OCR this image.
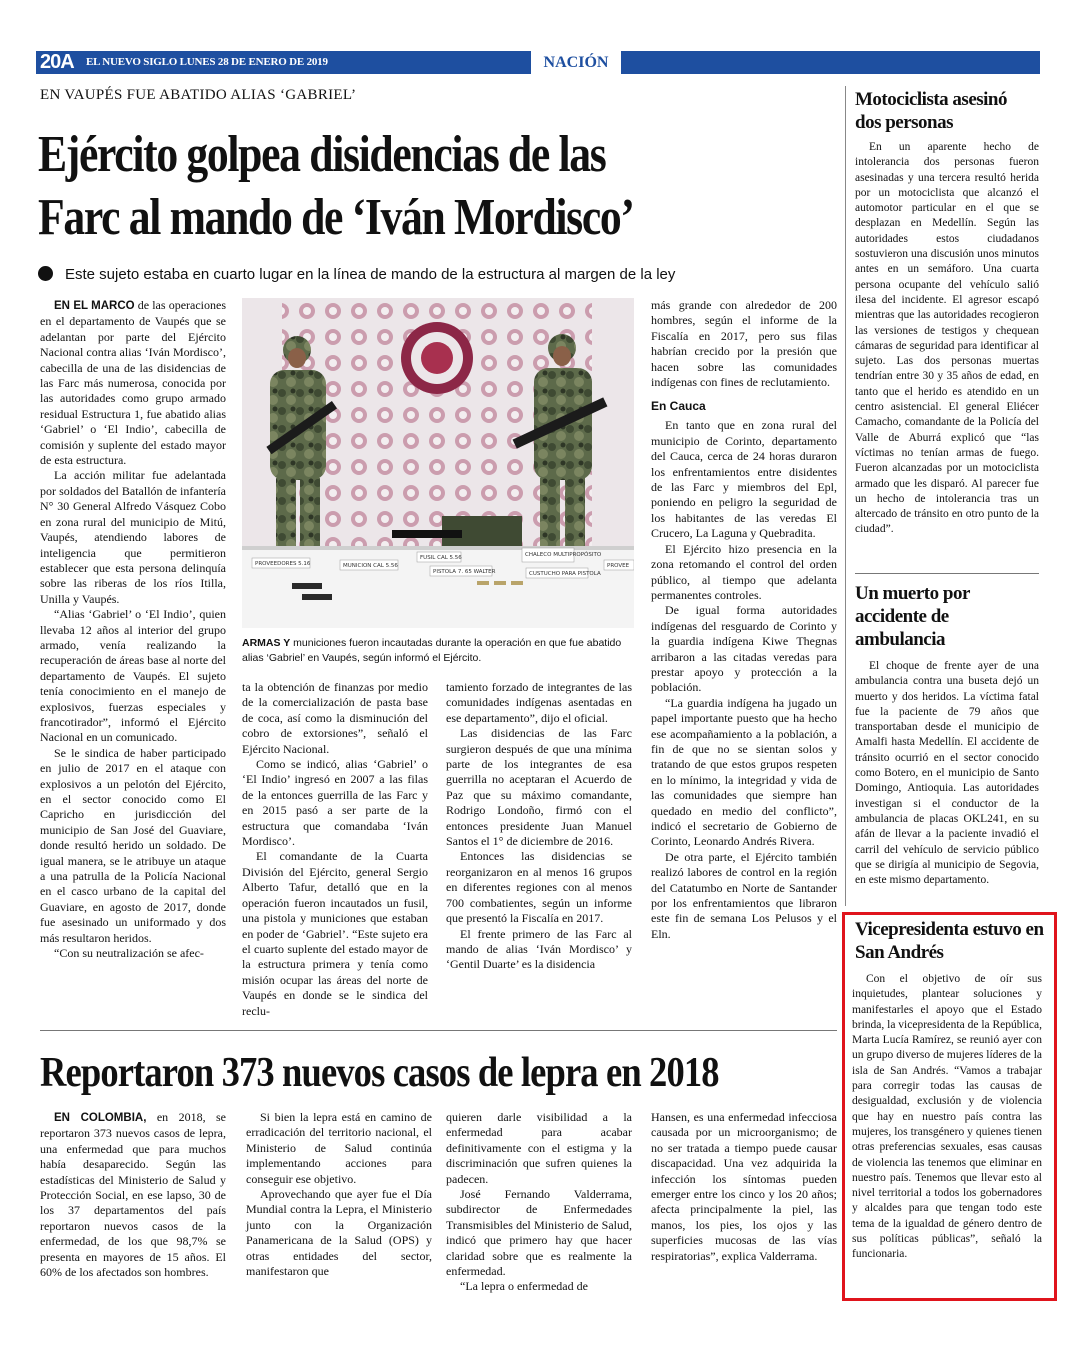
20A EL NUEVO SIGLO LUNES 28 DE ENERO DE 2019	NACIÓN
EN VAUPÉS FUE ABATIDO ALIAS ‘GABRIEL’
Ejército golpea disidencias de las
Farc al mando de ‘Iván Mordisco’
Este sujeto estaba en cuarto lugar en la línea de mando de la estructura al margen de la ley

EN EL MARCO de las operaciones en el departamento de Vaupés que se adelantan por parte del Ejército Nacional contra alias ‘Iván Mordisco’, cabecilla de una de las disidencias de las Farc más numerosa, conocida por las autoridades como grupo armado residual Estructura 1, fue abatido alias ‘Gabriel’ o ‘El Indio’, cabecilla de comisión y suplente del estado mayor de esta estructura.

La acción militar fue adelantada por soldados del Batallón de infantería N° 30 General Alfredo Vásquez Cobo en zona rural del municipio de Mitú, Vaupés, atendiendo labores de inteligencia que permitieron establecer que esta persona delinquía sobre las riberas de los ríos Itilla, Unilla y Vaupés.

“Alias ‘Gabriel’ o ‘El Indio’, quien llevaba 12 años al interior del grupo armado, venía realizando la recuperación de áreas base al norte del departamento de Vaupés. El sujeto tenía conocimiento en el manejo de explosivos, fuerzas especiales y francotirador”, informó el Ejército Nacional en un comunicado.

Se le sindica de haber participado en julio de 2017 en el ataque con explosivos a un pelotón del Ejército, en el sector conocido como El Capricho en jurisdicción del municipio de San José del Guaviare, donde resultó herido un soldado. De igual manera, se le atribuye un ataque a una patrulla de la Policía Nacional en el casco urbano de la capital del Guaviare, en agosto de 2017, donde fue asesinado un uniformado y dos más resultaron heridos.

“Con su neutralización se afec-

PROVEEDORES 5.16	MUNICION CAL 5.56
FUSIL CAL 5.56
PISTOLA 7. 65 WALTER
CHALECO MULTIPROPÓSITO
CUSTUCHO PARA PISTOLA
PROVEE
ARMAS Y municiones fueron incautadas durante la operación en que fue abatido alias ‘Gabriel’ en Vaupés, según informó el Ejército.

ta la obtención de finanzas por medio de la comercialización de pasta base de coca, así como la disminución del cobro de extorsiones”, señaló el Ejército Nacional.

Como se indicó, alias ‘Gabriel’ o ‘El Indio’ ingresó en 2007 a las filas de la entonces guerrilla de las Farc y en 2015 pasó a ser parte de la estructura que comandaba ‘Iván Mordisco’.

El comandante de la Cuarta División del Ejército, general Sergio Alberto Tafur, detalló que en la operación fueron incautados un fusil, una pistola y municiones que estaban en poder de ‘Gabriel’. “Este sujeto era el cuarto suplente del estado mayor de la estructura primera y tenía como misión ocupar las áreas del norte de Vaupés en donde se le sindica del reclu-

tamiento forzado de integrantes de las comunidades indígenas asentadas en ese departamento”, dijo el oficial.

Las disidencias de las Farc surgieron después de que una mínima parte de los integrantes de esa guerrilla no aceptaran el Acuerdo de Paz que su máximo comandante, Rodrigo Londoño, firmó con el entonces presidente Juan Manuel Santos el 1° de diciembre de 2016.

Entonces las disidencias se reorganizaron en al menos 16 grupos en diferentes regiones con al menos 700 combatientes, según un informe que presentó la Fiscalía en 2017.

El frente primero de las Farc al mando de alias ‘Iván Mordisco’ y ‘Gentil Duarte’ es la disidencia

más grande con alrededor de 200 hombres, según el informe de la Fiscalía en 2017, pero sus filas habrían crecido por la presión que hacen sobre las comunidades indígenas con fines de reclutamiento.

En Cauca

En tanto que en zona rural del municipio de Corinto, departamento del Cauca, cerca de 24 horas duraron los enfrentamientos entre disidentes de las Farc y miembros del Epl, poniendo en peligro la seguridad de los habitantes de las veredas El Crucero, La Laguna y Quebradita.

El Ejército hizo presencia en la zona retomando el control del orden público, al tiempo que adelanta permanentes controles.

De igual forma autoridades indígenas del resguardo de Corinto y la guardia indígena Kiwe Thegnas arribaron a las citadas veredas para prestar apoyo y protección a la población.

“La guardia indígena ha jugado un papel importante puesto que ha hecho ese acompañamiento a la población, a fin de que no se sientan solos y tratando de que estos grupos respeten en lo mínimo, la integridad y vida de las comunidades que siempre han quedado en medio del conflicto”, indicó el secretario de Gobierno de Corinto, Leonardo Andrés Rivera.

De otra parte, el Ejército también realizó labores de control en la región del Catatumbo en Norte de Santander por los enfrentamientos que libraron este fin de semana Los Pelusos y el Eln.

Reportaron 373 nuevos casos de lepra en 2018

EN COLOMBIA, en 2018, se reportaron 373 nuevos casos de lepra, una enfermedad que para muchos había desaparecido. Según las estadísticas del Ministerio de Salud y Protección Social, en ese lapso, 30 de los 37 departamentos del país reportaron nuevos casos de la enfermedad, de los que 98,7% se presenta en mayores de 15 años. El 60% de los afectados son hombres.

Si bien la lepra está en camino de erradicación del territorio nacional, el Ministerio de Salud continúa implementando acciones para conseguir ese objetivo.

Aprovechando que ayer fue el Día Mundial contra la Lepra, el Ministerio junto con la Organización Panamericana de la Salud (OPS) y otras entidades del sector, manifestaron que

quieren darle visibilidad a la enfermedad para acabar definitivamente con el estigma y la discriminación que sufren quienes la padecen.

José Fernando Valderrama, subdirector de Enfermedades Transmisibles del Ministerio de Salud, indicó que primero hay que hacer claridad sobre que es realmente la enfermedad.

“La lepra o enfermedad de

Hansen, es una enfermedad infecciosa causada por un microorganismo; de no ser tratada a tiempo puede causar discapacidad. Una vez adquirida la infección los síntomas pueden emerger entre los cinco y los 20 años; afecta principalmente la piel, las manos, los pies, los ojos y las superficies mucosas de las vías respiratorias”, explica Valderrama.

Motociclista asesinó dos personas

En un aparente hecho de intolerancia dos personas fueron asesinadas y una tercera resultó herida por un motociclista que alcanzó el automotor particular en el que se desplazan en Medellín. Según las autoridades estos ciudadanos sostuvieron una discusión unos minutos antes en un semáforo. Una cuarta persona ocupante del vehículo salió ilesa del incidente. El agresor escapó mientras que las autoridades recogieron las versiones de testigos y chequean cámaras de seguridad para identificar al sujeto. Las dos personas muertas tendrían entre 30 y 35 años de edad, en tanto que el herido es atendido en un centro asistencial. El general Eliécer Camacho, comandante de la Policía del Valle de Aburrá explicó que “las víctimas no tenían armas de fuego. Fueron alcanzadas por un motociclista armado que les disparó. Al parecer fue un hecho de intolerancia tras un altercado de tránsito en otro punto de la ciudad”.

Un muerto por accidente de ambulancia

El choque de frente ayer de una ambulancia contra una buseta dejó un muerto y dos heridos. La víctima fatal fue la paciente de 79 años que transportaban desde el municipio de Amalfi hasta Medellín. El accidente de tránsito ocurrió en el sector conocido como Botero, en el municipio de Santo Domingo, Antioquia. Las autoridades investigan si el conductor de la ambulancia de placas OKL241, en su afán de llevar a la paciente invadió el carril del vehículo de servicio público que se dirigía al municipio de Segovia, en este mismo departamento.

Vicepresidenta estuvo en San Andrés

Con el objetivo de oír sus inquietudes, plantear soluciones y manifestarles el apoyo que el Estado brinda, la vicepresidenta de la República, Marta Lucía Ramírez, se reunió ayer con un grupo diverso de mujeres líderes de la isla de San Andrés. “Vamos a trabajar para corregir todas las causas de desigualdad, exclusión y de violencia que hay en nuestro país contra las mujeres, los transgénero y quienes tienen otras preferencias sexuales, esas causas de violencia las tenemos que eliminar en nuestro país. Tenemos que llevar esto al nivel territorial a todos los gobernadores y alcaldes para que tengan todo este tema de la igualdad de género dentro de sus políticas públicas”, señaló la funcionaria.
